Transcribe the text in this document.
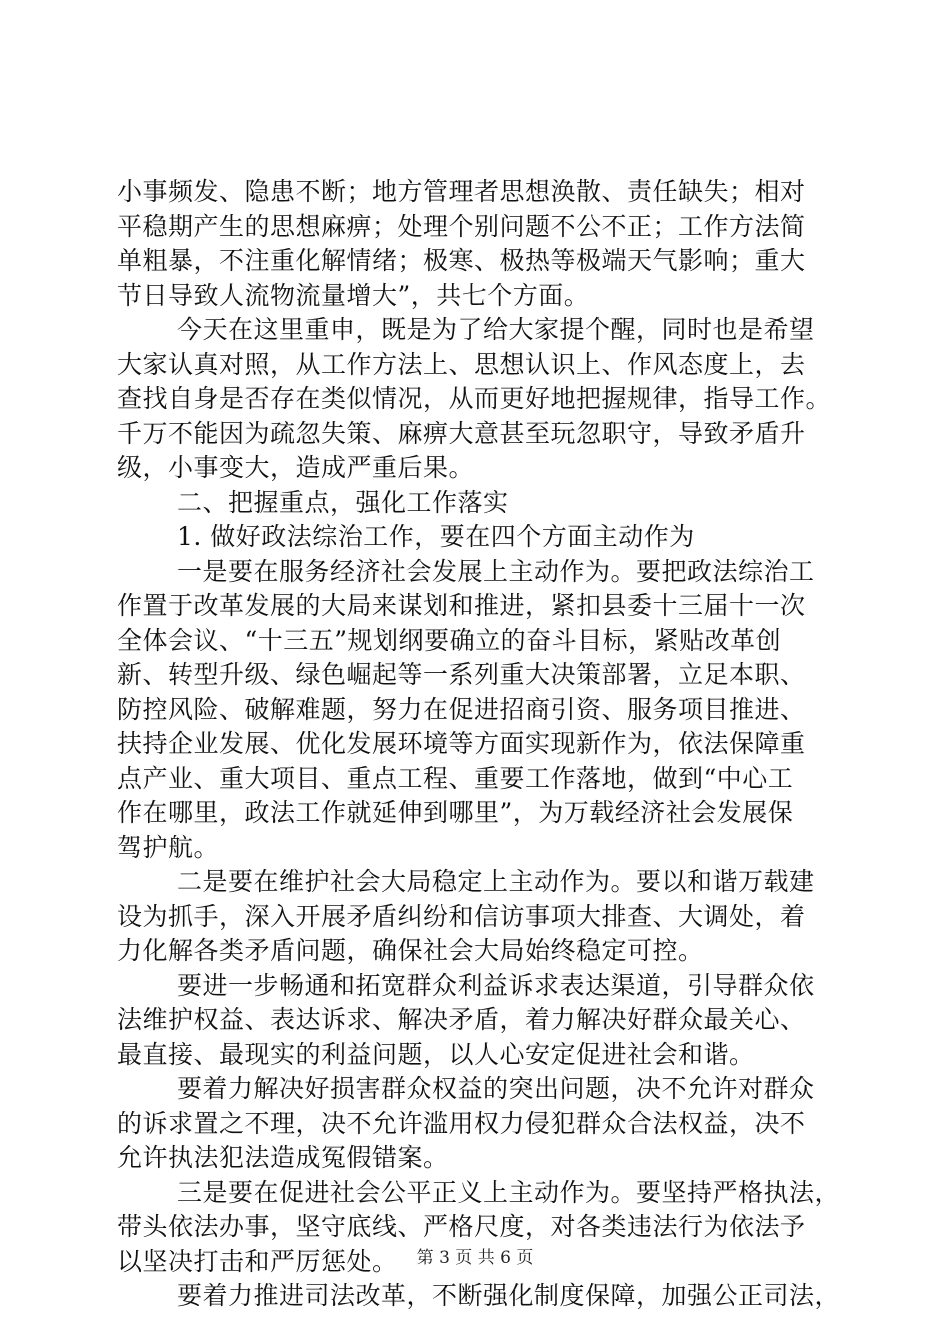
小事频发、隐患不断；地方管理者思想涣散、责任缺失；相对
平稳期产生的思想麻痹；处理个别问题不公不正；工作方法简
单粗暴，不注重化解情绪；极寒、极热等极端天气影响；重大
节日导致人流物流量增大”，共七个方面。
今天在这里重申，既是为了给大家提个醒，同时也是希望
大家认真对照，从工作方法上、思想认识上、作风态度上，去
查找自身是否存在类似情况，从而更好地把握规律，指导工作。
千万不能因为疏忽失策、麻痹大意甚至玩忽职守，导致矛盾升
级，小事变大，造成严重后果。
二、把握重点，强化工作落实
1. 做好政法综治工作，要在四个方面主动作为
一是要在服务经济社会发展上主动作为。要把政法综治工
作置于改革发展的大局来谋划和推进，紧扣县委十三届十一次
全体会议、“十三五”规划纲要确立的奋斗目标，紧贴改革创
新、转型升级、绿色崛起等一系列重大决策部署，立足本职、
防控风险、破解难题，努力在促进招商引资、服务项目推进、
扶持企业发展、优化发展环境等方面实现新作为，依法保障重
点产业、重大项目、重点工程、重要工作落地，做到“中心工
作在哪里，政法工作就延伸到哪里”，为万载经济社会发展保
驾护航。
二是要在维护社会大局稳定上主动作为。要以和谐万载建
设为抓手，深入开展矛盾纠纷和信访事项大排查、大调处，着
力化解各类矛盾问题，确保社会大局始终稳定可控。
要进一步畅通和拓宽群众利益诉求表达渠道，引导群众依
法维护权益、表达诉求、解决矛盾，着力解决好群众最关心、
最直接、最现实的利益问题，以人心安定促进社会和谐。
要着力解决好损害群众权益的突出问题，决不允许对群众
的诉求置之不理，决不允许滥用权力侵犯群众合法权益，决不
允许执法犯法造成冤假错案。
三是要在促进社会公平正义上主动作为。要坚持严格执法，
带头依法办事，坚守底线、严格尺度，对各类违法行为依法予
以坚决打击和严厉惩处。
要着力推进司法改革，不断强化制度保障，加强公正司法，
第 3 页 共 6 页
